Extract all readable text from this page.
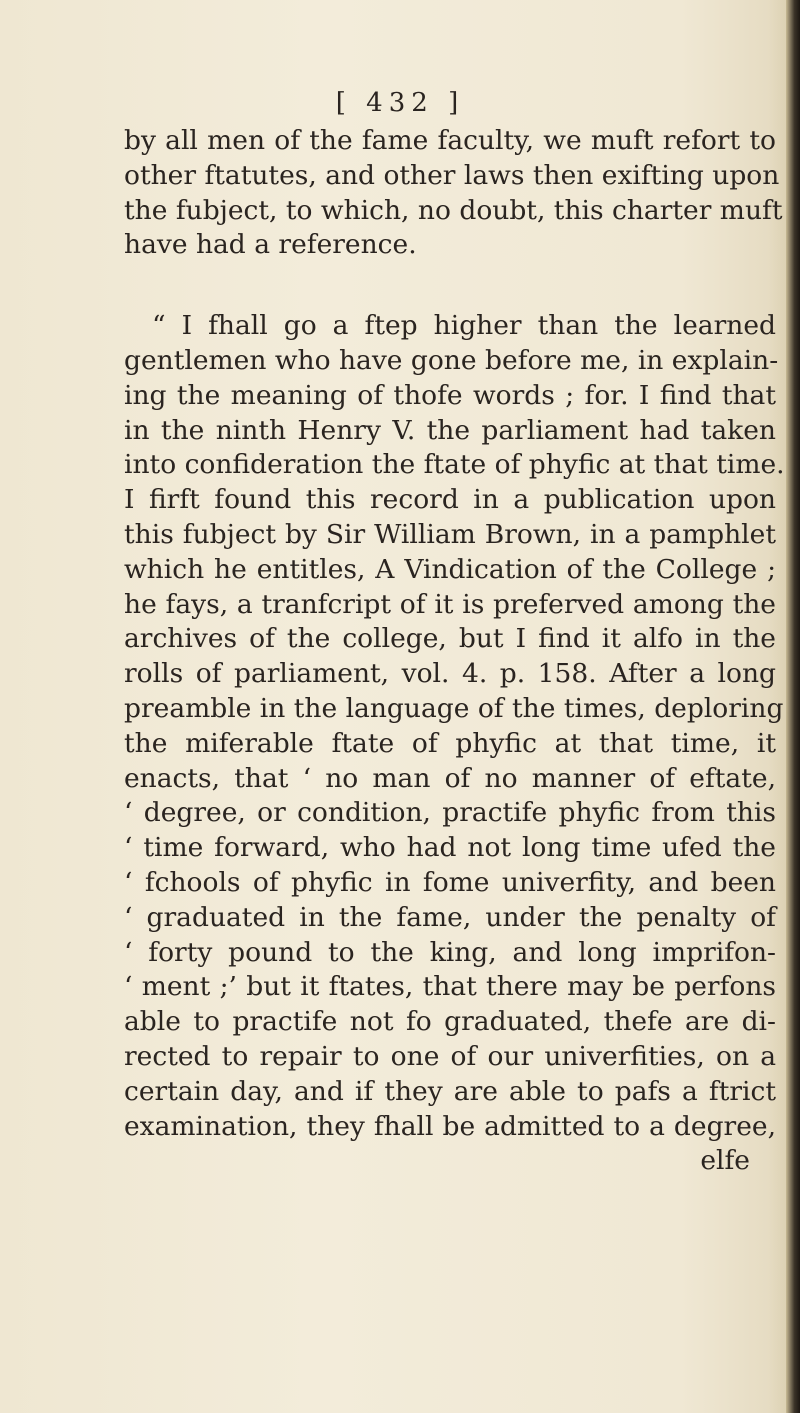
[ 432 ]
by all men of the fame faculty, we muft refort to
other ftatutes, and other laws then exifting upon
the fubject, to which, no doubt, this charter muft
have had a reference.
“ I fhall go a ftep higher than the learned
gentlemen who have gone before me, in explain-
ing the meaning of thofe words ; for. I find that
in the ninth Henry V. the parliament had taken
into confideration the ftate of phyfic at that time.
I firft found this record in a publication upon
this fubject by Sir William Brown, in a pamphlet
which he entitles, A Vindication of the College ;
he fays, a tranfcript of it is preferved among the
archives of the college, but I find it alfo in the
rolls of parliament, vol. 4. p. 158. After a long
preamble in the language of the times, deploring
the miferable ftate of phyfic at that time, it
enacts, that ‘ no man of no manner of eftate,
‘ degree, or condition, practife phyfic from this
‘ time forward, who had not long time ufed the
‘ fchools of phyfic in fome univerfity, and been
‘ graduated in the fame, under the penalty of
‘ forty pound to the king, and long imprifon-
‘ ment ;’ but it ftates, that there may be perfons
able to practife not fo graduated, thefe are di-
rected to repair to one of our univerfities, on a
certain day, and if they are able to pafs a ftrict
examination, they fhall be admitted to a degree,
elfe
